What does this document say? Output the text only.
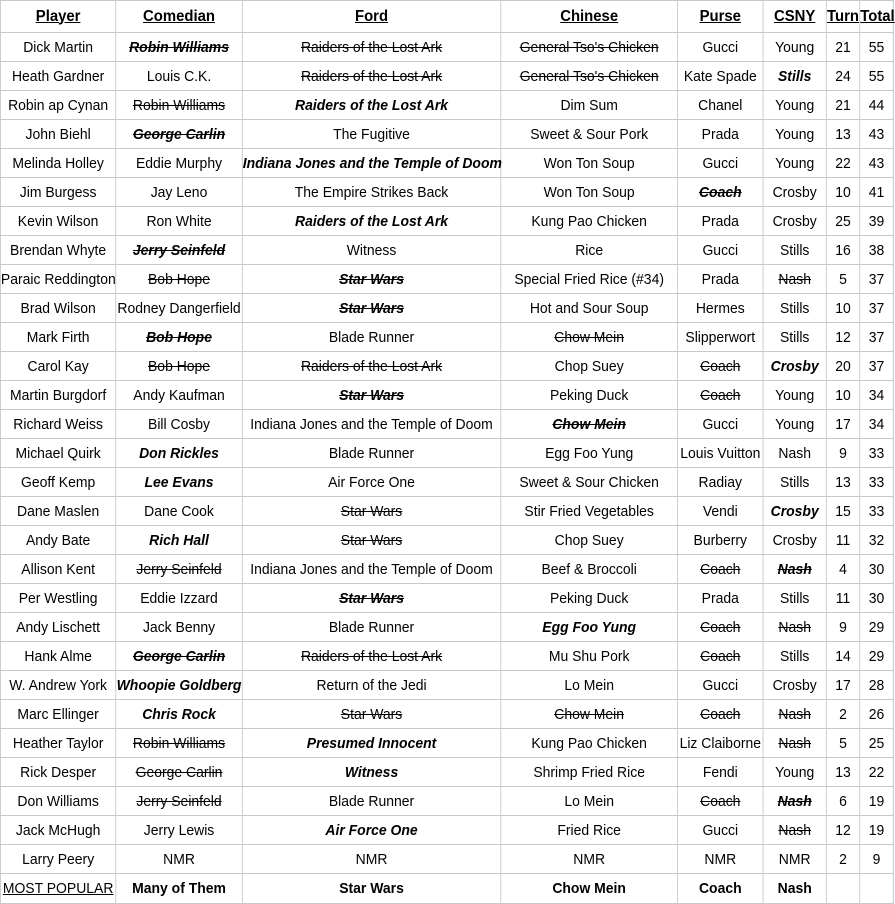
Player	Comedian	Ford	Chinese	Purse	CSNY	Turn	Total
Dick Martin	Robin Williams	Raiders of the Lost Ark	General Tso's Chicken	Gucci	Young	21	55
Heath Gardner	Louis C.K.	Raiders of the Lost Ark	General Tso's Chicken	Kate Spade	Stills	24	55
Robin ap Cynan	Robin Williams	Raiders of the Lost Ark	Dim Sum	Chanel	Young	21	44
John Biehl	George Carlin	The Fugitive	Sweet & Sour Pork	Prada	Young	13	43
Melinda Holley	Eddie Murphy	Indiana Jones and the Temple of Doom	Won Ton Soup	Gucci	Young	22	43
Jim Burgess	Jay Leno	The Empire Strikes Back	Won Ton Soup	Coach	Crosby	10	41
Kevin Wilson	Ron White	Raiders of the Lost Ark	Kung Pao Chicken	Prada	Crosby	25	39
Brendan Whyte	Jerry Seinfeld	Witness	Rice	Gucci	Stills	16	38
Paraic Reddington	Bob Hope	Star Wars	Special Fried Rice (#34)	Prada	Nash	5	37
Brad Wilson	Rodney Dangerfield	Star Wars	Hot and Sour Soup	Hermes	Stills	10	37
Mark Firth	Bob Hope	Blade Runner	Chow Mein	Slipperwort	Stills	12	37
Carol Kay	Bob Hope	Raiders of the Lost Ark	Chop Suey	Coach	Crosby	20	37
Martin Burgdorf	Andy Kaufman	Star Wars	Peking Duck	Coach	Young	10	34
Richard Weiss	Bill Cosby	Indiana Jones and the Temple of Doom	Chow Mein	Gucci	Young	17	34
Michael Quirk	Don Rickles	Blade Runner	Egg Foo Yung	Louis Vuitton	Nash	9	33
Geoff Kemp	Lee Evans	Air Force One	Sweet & Sour Chicken	Radiay	Stills	13	33
Dane Maslen	Dane Cook	Star Wars	Stir Fried Vegetables	Vendi	Crosby	15	33
Andy Bate	Rich Hall	Star Wars	Chop Suey	Burberry	Crosby	11	32
Allison Kent	Jerry Seinfeld	Indiana Jones and the Temple of Doom	Beef & Broccoli	Coach	Nash	4	30
Per Westling	Eddie Izzard	Star Wars	Peking Duck	Prada	Stills	11	30
Andy Lischett	Jack Benny	Blade Runner	Egg Foo Yung	Coach	Nash	9	29
Hank Alme	George Carlin	Raiders of the Lost Ark	Mu Shu Pork	Coach	Stills	14	29
W. Andrew York	Whoopie Goldberg	Return of the Jedi	Lo Mein	Gucci	Crosby	17	28
Marc Ellinger	Chris Rock	Star Wars	Chow Mein	Coach	Nash	2	26
Heather Taylor	Robin Williams	Presumed Innocent	Kung Pao Chicken	Liz Claiborne	Nash	5	25
Rick Desper	George Carlin	Witness	Shrimp Fried Rice	Fendi	Young	13	22
Don Williams	Jerry Seinfeld	Blade Runner	Lo Mein	Coach	Nash	6	19
Jack McHugh	Jerry Lewis	Air Force One	Fried Rice	Gucci	Nash	12	19
Larry Peery	NMR	NMR	NMR	NMR	NMR	2	9
MOST POPULAR	Many of Them	Star Wars	Chow Mein	Coach	Nash		
